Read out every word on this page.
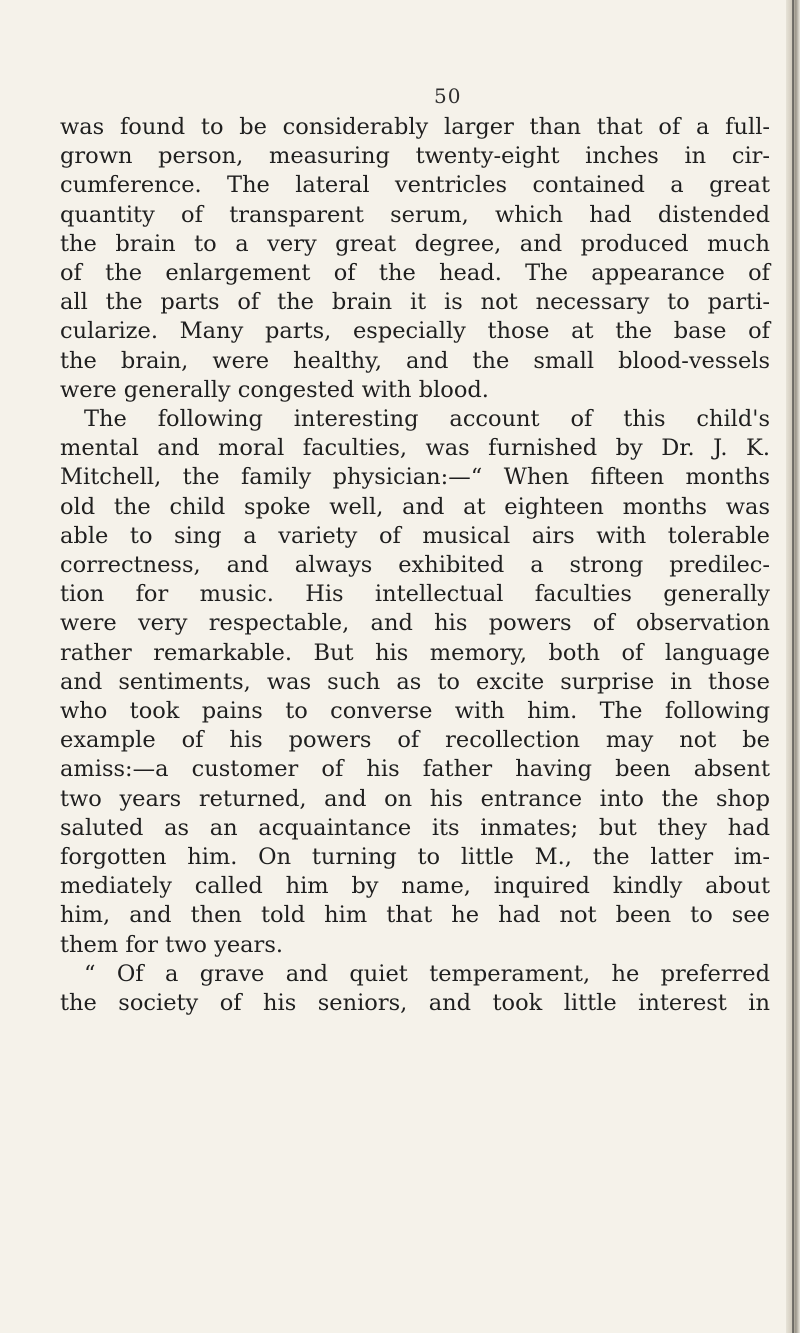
50
was found to be considerably larger than that of a full-
grown person, measuring twenty-eight inches in cir-
cumference. The lateral ventricles contained a great
quantity of transparent serum, which had distended
the brain to a very great degree, and produced much
of the enlargement of the head. The appearance of
all the parts of the brain it is not necessary to parti-
cularize. Many parts, especially those at the base of
the brain, were healthy, and the small blood-vessels
were generally congested with blood.
The following interesting account of this child's
mental and moral faculties, was furnished by Dr. J. K.
Mitchell, the family physician:—“ When fifteen months
old the child spoke well, and at eighteen months was
able to sing a variety of musical airs with tolerable
correctness, and always exhibited a strong predilec-
tion for music. His intellectual faculties generally
were very respectable, and his powers of observation
rather remarkable. But his memory, both of language
and sentiments, was such as to excite surprise in those
who took pains to converse with him. The following
example of his powers of recollection may not be
amiss:—a customer of his father having been absent
two years returned, and on his entrance into the shop
saluted as an acquaintance its inmates; but they had
forgotten him. On turning to little M., the latter im-
mediately called him by name, inquired kindly about
him, and then told him that he had not been to see
them for two years.
“ Of a grave and quiet temperament, he preferred
the society of his seniors, and took little interest in
